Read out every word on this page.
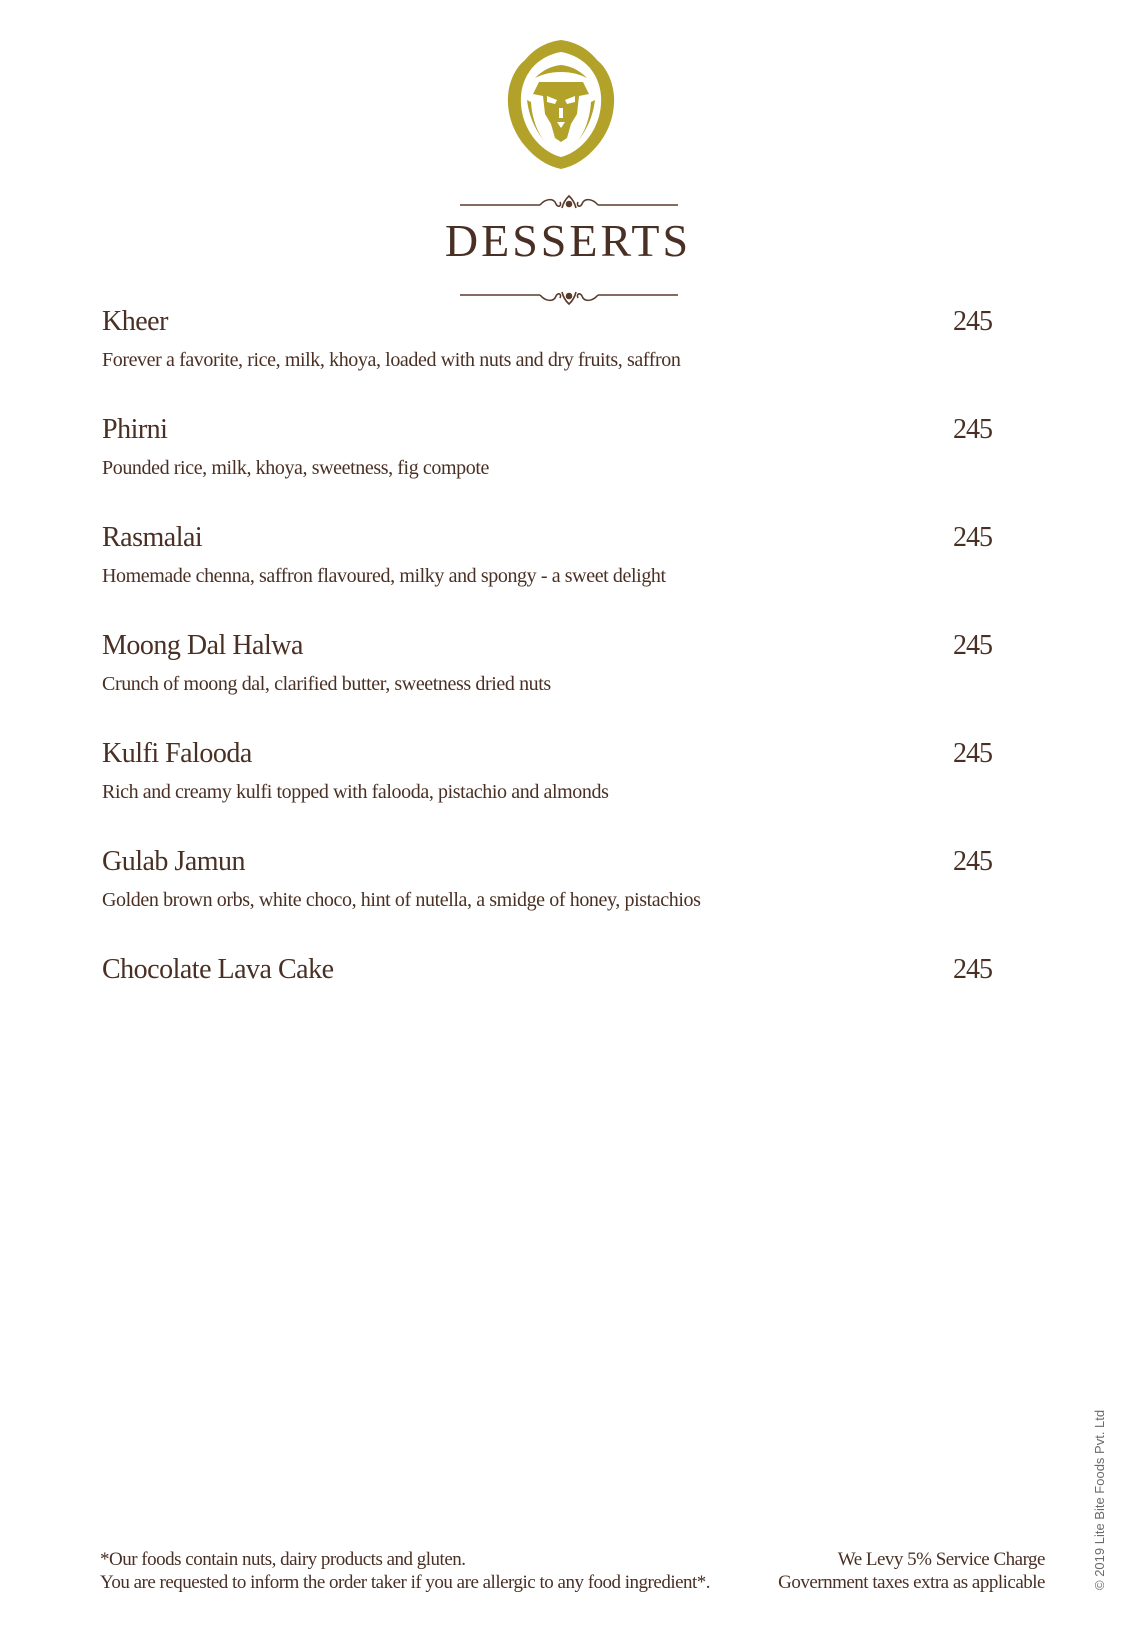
DESSERTS
Kheer	245
Forever a favorite, rice, milk, khoya, loaded with nuts and dry fruits, saffron
Phirni	245
Pounded rice, milk, khoya, sweetness, fig compote
Rasmalai	245
Homemade chenna, saffron flavoured, milky and spongy - a sweet delight
Moong Dal Halwa	245
Crunch of moong dal, clarified butter, sweetness dried nuts
Kulfi Falooda	245
Rich and creamy kulfi topped with falooda, pistachio and almonds
Gulab Jamun	245
Golden brown orbs, white choco, hint of nutella, a smidge of honey, pistachios
Chocolate Lava Cake	245
*Our foods contain nuts, dairy products and gluten.
You are requested to inform the order taker if you are allergic to any food ingredient*.
We Levy 5% Service Charge
Government taxes extra as applicable	© 2019 Lite Bite Foods Pvt. Ltd
